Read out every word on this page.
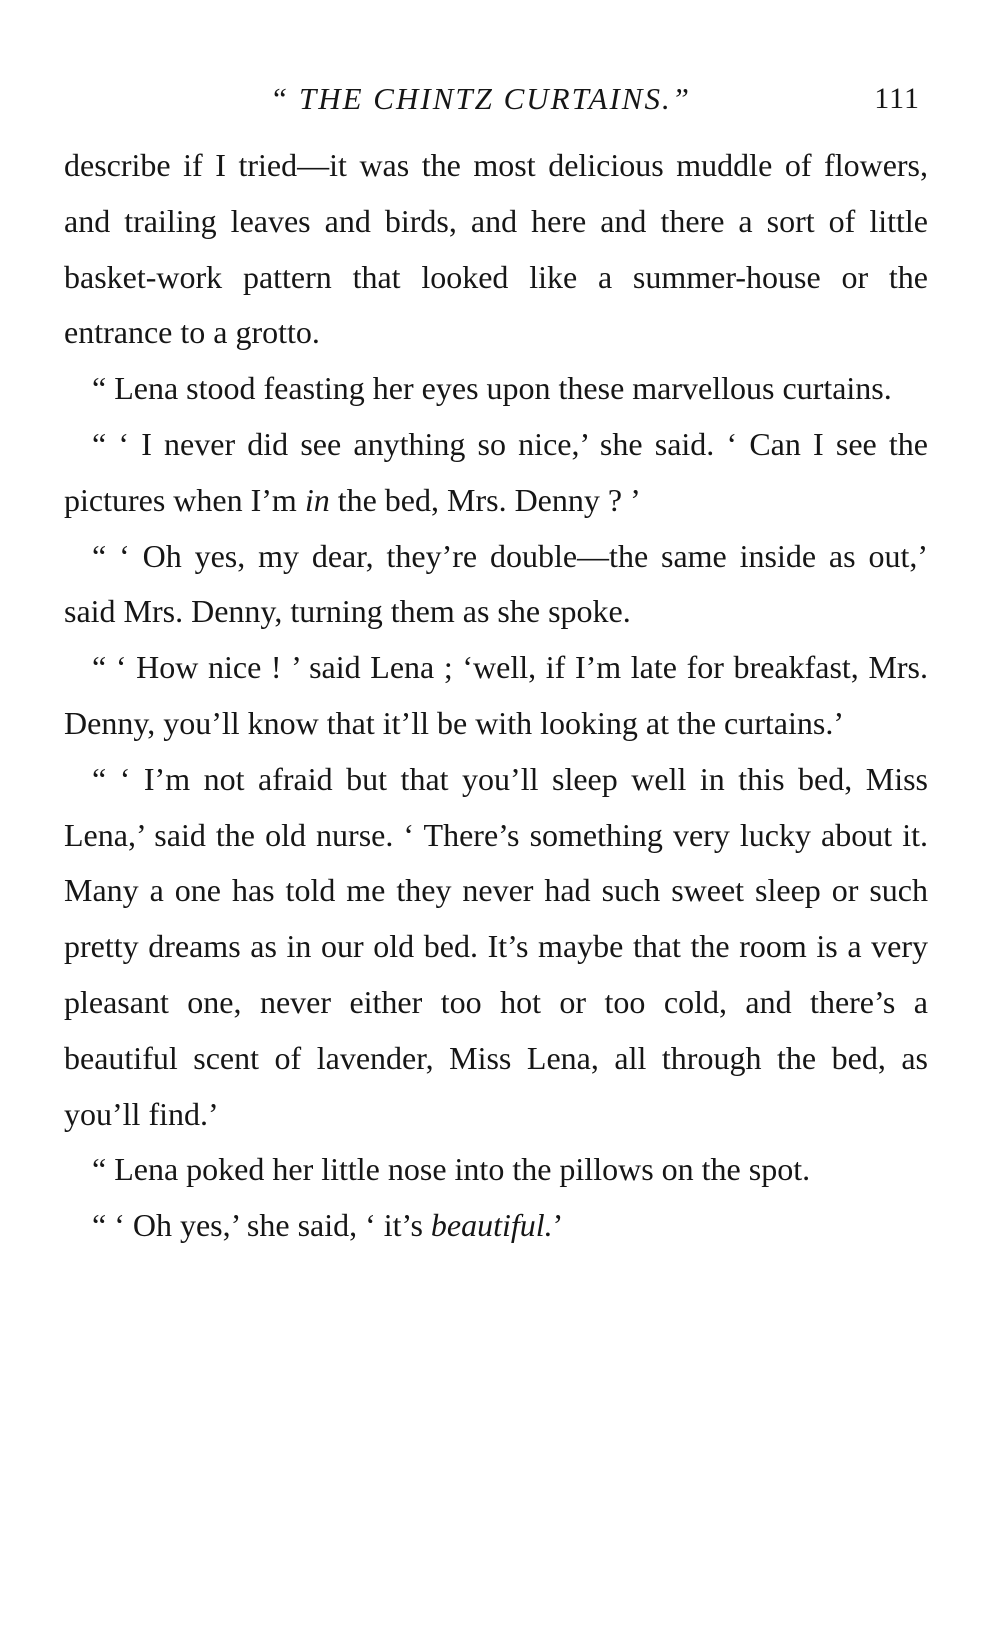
“ THE CHINTZ CURTAINS.”	111

describe if I tried—it was the most delicious muddle of flowers, and trailing leaves and birds, and here and there a sort of little basket-work pattern that looked like a summer-house or the entrance to a grotto.

“ Lena stood feasting her eyes upon these marvellous curtains.

“ ‘ I never did see anything so nice,’ she said. ‘ Can I see the pictures when I’m in the bed, Mrs. Denny ? ’

“ ‘ Oh yes, my dear, they’re double—the same inside as out,’ said Mrs. Denny, turning them as she spoke.

“ ‘ How nice ! ’ said Lena ; ‘well, if I’m late for breakfast, Mrs. Denny, you’ll know that it’ll be with looking at the curtains.’

“ ‘ I’m not afraid but that you’ll sleep well in this bed, Miss Lena,’ said the old nurse. ‘ There’s something very lucky about it. Many a one has told me they never had such sweet sleep or such pretty dreams as in our old bed. It’s maybe that the room is a very pleasant one, never either too hot or too cold, and there’s a beautiful scent of lavender, Miss Lena, all through the bed, as you’ll find.’

“ Lena poked her little nose into the pillows on the spot.

“ ‘ Oh yes,’ she said, ‘ it’s beautiful.’
